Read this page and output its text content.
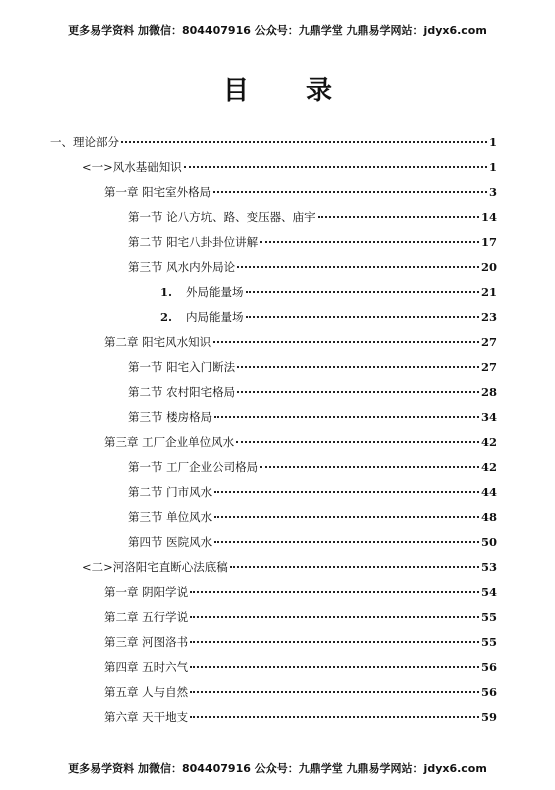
更多易学资料 加微信：804407916 公众号：九鼎学堂 九鼎易学网站：jdyx6.com
目 录
一、理论部分	1
<一>风水基础知识	1
第一章 阳宅室外格局	3
第一节 论八方坑、路、变压器、庙宇	14
第二节 阳宅八卦卦位讲解	17
第三节 风水内外局论	20
1.	外局能量场	21
2.	内局能量场	23
第二章 阳宅风水知识	27
第一节 阳宅入门断法	27
第二节 农村阳宅格局	28
第三节 楼房格局	34
第三章 工厂企业单位风水	42
第一节 工厂企业公司格局	42
第二节 门市风水	44
第三节 单位风水	48
第四节 医院风水	50
<二>河洛阳宅直断心法底稿	53
第一章 阴阳学说	54
第二章 五行学说	55
第三章 河图洛书	55
第四章 五时六气	56
第五章 人与自然	56
第六章 天干地支	59
更多易学资料 加微信：804407916 公众号：九鼎学堂 九鼎易学网站：jdyx6.com
